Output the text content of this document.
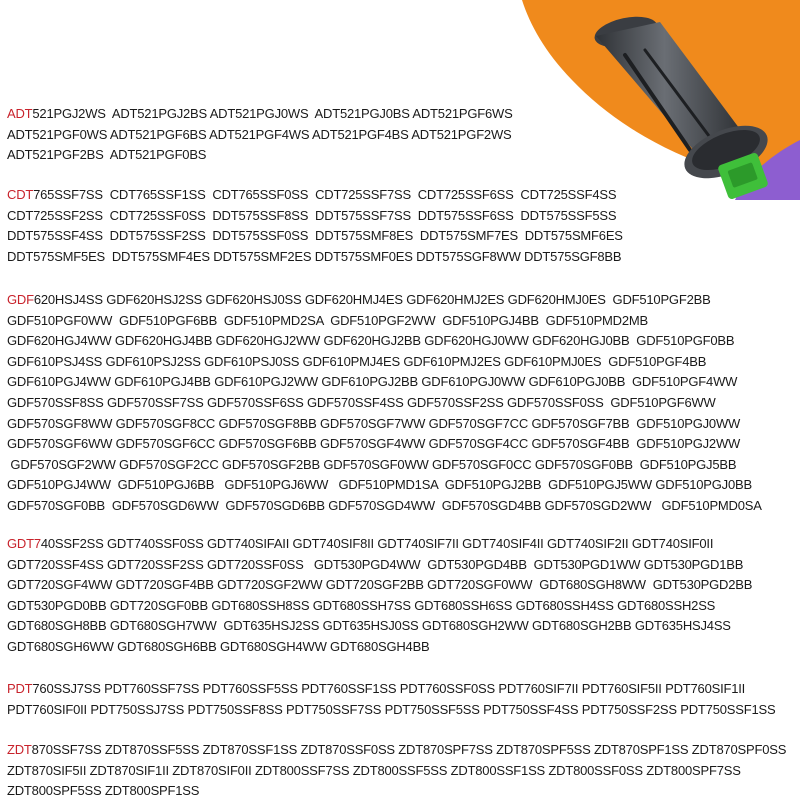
ADT521PGJ2WS  ADT521PGJ2BS ADT521PGJ0WS  ADT521PGJ0BS ADT521PGF6WS
ADT521PGF0WS ADT521PGF6BS ADT521PGF4WS ADT521PGF4BS ADT521PGF2WS
ADT521PGF2BS  ADT521PGF0BS
CDT765SSF7SS  CDT765SSF1SS  CDT765SSF0SS  CDT725SSF7SS  CDT725SSF6SS  CDT725SSF4SS
CDT725SSF2SS  CDT725SSF0SS  DDT575SSF8SS  DDT575SSF7SS  DDT575SSF6SS  DDT575SSF5SS
DDT575SSF4SS  DDT575SSF2SS  DDT575SSF0SS  DDT575SMF8ES  DDT575SMF7ES  DDT575SMF6ES
DDT575SMF5ES  DDT575SMF4ES DDT575SMF2ES DDT575SMF0ES DDT575SGF8WW DDT575SGF8BB
GDF620HSJ4SS GDF620HSJ2SS GDF620HSJ0SS GDF620HMJ4ES GDF620HMJ2ES GDF620HMJ0ES  GDF510PGF2BB
GDF510PGF0WW  GDF510PGF6BB  GDF510PMD2SA  GDF510PGF2WW  GDF510PGJ4BB  GDF510PMD2MB
GDF620HGJ4WW GDF620HGJ4BB GDF620HGJ2WW GDF620HGJ2BB GDF620HGJ0WW GDF620HGJ0BB  GDF510PGF0BB
GDF610PSJ4SS GDF610PSJ2SS GDF610PSJ0SS GDF610PMJ4ES GDF610PMJ2ES GDF610PMJ0ES  GDF510PGF4BB
GDF610PGJ4WW GDF610PGJ4BB GDF610PGJ2WW GDF610PGJ2BB GDF610PGJ0WW GDF610PGJ0BB  GDF510PGF4WW
GDF570SSF8SS GDF570SSF7SS GDF570SSF6SS GDF570SSF4SS GDF570SSF2SS GDF570SSF0SS  GDF510PGF6WW
GDF570SGF8WW GDF570SGF8CC GDF570SGF8BB GDF570SGF7WW GDF570SGF7CC GDF570SGF7BB  GDF510PGJ0WW
GDF570SGF6WW GDF570SGF6CC GDF570SGF6BB GDF570SGF4WW GDF570SGF4CC GDF570SGF4BB  GDF510PGJ2WW
GDF570SGF2WW GDF570SGF2CC GDF570SGF2BB GDF570SGF0WW GDF570SGF0CC GDF570SGF0BB  GDF510PGJ5BB
GDF510PGJ4WW  GDF510PGJ6BB   GDF510PGJ6WW   GDF510PMD1SA  GDF510PGJ2BB  GDF510PGJ5WW GDF510PGJ0BB
GDF570SGF0BB  GDF570SGD6WW  GDF570SGD6BB GDF570SGD4WW  GDF570SGD4BB GDF570SGD2WW   GDF510PMD0SA
GDT740SSF2SS GDT740SSF0SS GDT740SIFAII GDT740SIF8II GDT740SIF7II GDT740SIF4II GDT740SIF2II GDT740SIF0II
GDT720SSF4SS GDT720SSF2SS GDT720SSF0SS   GDT530PGD4WW  GDT530PGD4BB  GDT530PGD1WW GDT530PGD1BB
GDT720SGF4WW GDT720SGF4BB GDT720SGF2WW GDT720SGF2BB GDT720SGF0WW  GDT680SGH8WW  GDT530PGD2BB
GDT530PGD0BB GDT720SGF0BB GDT680SSH8SS GDT680SSH7SS GDT680SSH6SS GDT680SSH4SS GDT680SSH2SS
GDT680SGH8BB GDT680SGH7WW  GDT635HSJ2SS GDT635HSJ0SS GDT680SGH2WW GDT680SGH2BB GDT635HSJ4SS
GDT680SGH6WW GDT680SGH6BB GDT680SGH4WW GDT680SGH4BB
PDT760SSJ7SS PDT760SSF7SS PDT760SSF5SS PDT760SSF1SS PDT760SSF0SS PDT760SIF7II PDT760SIF5II PDT760SIF1II
PDT760SIF0II PDT750SSJ7SS PDT750SSF8SS PDT750SSF7SS PDT750SSF5SS PDT750SSF4SS PDT750SSF2SS PDT750SSF1SS
ZDT870SSF7SS ZDT870SSF5SS ZDT870SSF1SS ZDT870SSF0SS ZDT870SPF7SS ZDT870SPF5SS ZDT870SPF1SS ZDT870SPF0SS
ZDT870SIF5II ZDT870SIF1II ZDT870SIF0II ZDT800SSF7SS ZDT800SSF5SS ZDT800SSF1SS ZDT800SSF0SS ZDT800SPF7SS
ZDT800SPF5SS ZDT800SPF1SS
